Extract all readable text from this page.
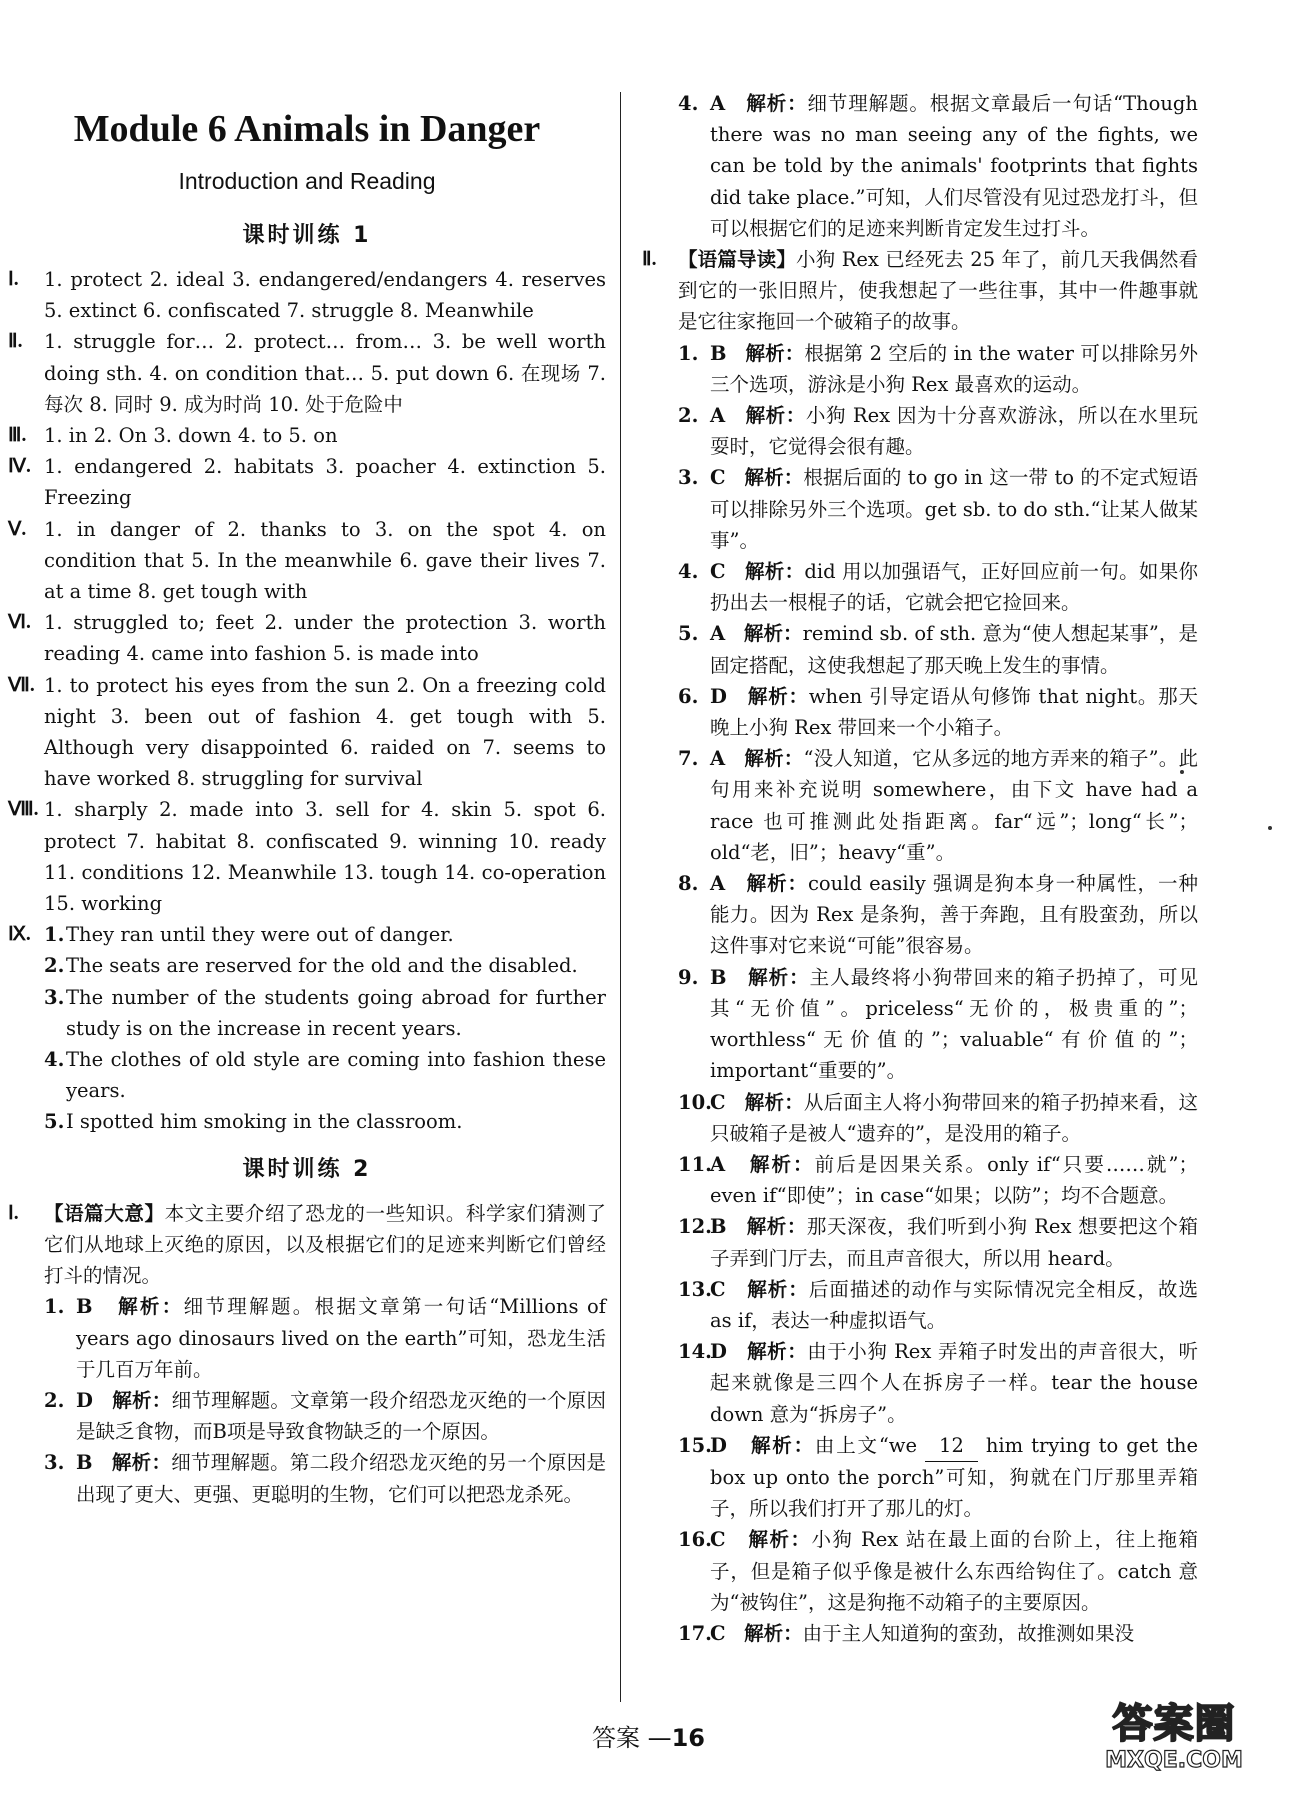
Module 6 Animals in Danger
Introduction and Reading
课时训练 1
Ⅰ.	1. protect 2. ideal 3. endangered/endangers 4. reserves 5. extinct 6. confiscated 7. struggle 8. Meanwhile
Ⅱ.	1. struggle for… 2. protect… from… 3. be well worth doing sth. 4. on condition that… 5. put down 6. 在现场 7. 每次 8. 同时 9. 成为时尚 10. 处于危险中
Ⅲ. 1. in 2. On 3. down 4. to 5. on
Ⅳ. 1. endangered 2. habitats 3. poacher 4. extinction 5. Freezing
Ⅴ. 1. in danger of 2. thanks to 3. on the spot 4. on condition that 5. In the meanwhile 6. gave their lives 7. at a time 8. get tough with
Ⅵ. 1. struggled to; feet 2. under the protection 3. worth reading 4. came into fashion 5. is made into
Ⅶ. 1. to protect his eyes from the sun 2. On a freezing cold night 3. been out of fashion 4. get tough with 5. Although very disappointed 6. raided on 7. seems to have worked 8. struggling for survival
Ⅷ. 1. sharply 2. made into 3. sell for 4. skin 5. spot 6. protect 7. habitat 8. confiscated 9. winning 10. ready 11. conditions 12. Meanwhile 13. tough 14. co-operation 15. working
Ⅸ. 1. They ran until they were out of danger.
2. The seats are reserved for the old and the disabled.
3. The number of the students going abroad for further study is on the increase in recent years.
4. The clothes of old style are coming into fashion these years.
5. I spotted him smoking in the classroom.
课时训练 2
Ⅰ.	【语篇大意】本文主要介绍了恐龙的一些知识。科学家们猜测了它们从地球上灭绝的原因，以及根据它们的足迹来判断它们曾经打斗的情况。
1. B 解析：细节理解题。根据文章第一句话“Millions of years ago dinosaurs lived on the earth”可知，恐龙生活于几百万年前。
2. D 解析：细节理解题。文章第一段介绍恐龙灭绝的一个原因是缺乏食物，而B项是导致食物缺乏的一个原因。
3. B 解析：细节理解题。第二段介绍恐龙灭绝的另一个原因是出现了更大、更强、更聪明的生物，它们可以把恐龙杀死。
4. A 解析：细节理解题。根据文章最后一句话“Though there was no man seeing any of the fights, we can be told by the animals' footprints that fights did take place.”可知，人们尽管没有见过恐龙打斗，但可以根据它们的足迹来判断肯定发生过打斗。
Ⅱ.	【语篇导读】小狗 Rex 已经死去 25 年了，前几天我偶然看到它的一张旧照片，使我想起了一些往事，其中一件趣事就是它往家拖回一个破箱子的故事。
1. B 解析：根据第 2 空后的 in the water 可以排除另外三个选项，游泳是小狗 Rex 最喜欢的运动。
2. A 解析：小狗 Rex 因为十分喜欢游泳，所以在水里玩耍时，它觉得会很有趣。
3. C 解析：根据后面的 to go in 这一带 to 的不定式短语可以排除另外三个选项。get sb. to do sth.“让某人做某事”。
4. C 解析：did 用以加强语气，正好回应前一句。如果你扔出去一根棍子的话，它就会把它捡回来。
5. A 解析：remind sb. of sth. 意为“使人想起某事”，是固定搭配，这使我想起了那天晚上发生的事情。
6. D 解析：when 引导定语从句修饰 that night。那天晚上小狗 Rex 带回来一个小箱子。
7. A 解析：“没人知道，它从多远的地方弄来的箱子”。此句用来补充说明 somewhere，由下文 have had a race 也可推测此处指距离。far“远”；long“长”；old“老，旧”；heavy“重”。
8. A 解析：could easily 强调是狗本身一种属性，一种能力。因为 Rex 是条狗，善于奔跑，且有股蛮劲，所以这件事对它来说“可能”很容易。
9. B 解析：主人最终将小狗带回来的箱子扔掉了，可见其“无价值”。priceless“无价的，极贵重的”；worthless“无价值的”；valuable“有价值的”；important“重要的”。
10.
C 解析：从后面主人将小狗带回来的箱子扔掉来看，这只破箱子是被人“遗弃的”，是没用的箱子。
11.
A 解析：前后是因果关系。only if“只要……就”；even if“即使”；in case“如果；以防”；均不合题意。
12.
B 解析：那天深夜，我们听到小狗 Rex 想要把这个箱子弄到门厅去，而且声音很大，所以用 heard。
13.
C 解析：后面描述的动作与实际情况完全相反，故选 as if，表达一种虚拟语气。
14.
D 解析：由于小狗 Rex 弄箱子时发出的声音很大，听起来就像是三四个人在拆房子一样。tear the house down 意为“拆房子”。
15.
D 解析：由上文“we 12 him trying to get the box up onto the porch”可知，狗就在门厅那里弄箱子，所以我们打开了那儿的灯。
16.
C 解析：小狗 Rex 站在最上面的台阶上，往上拖箱子，但是箱子似乎像是被什么东西给钩住了。catch 意为“被钩住”，这是狗拖不动箱子的主要原因。
17.
C 解析：由于主人知道狗的蛮劲，故推测如果没
答案 —16	答案圈
MXQE.COM
